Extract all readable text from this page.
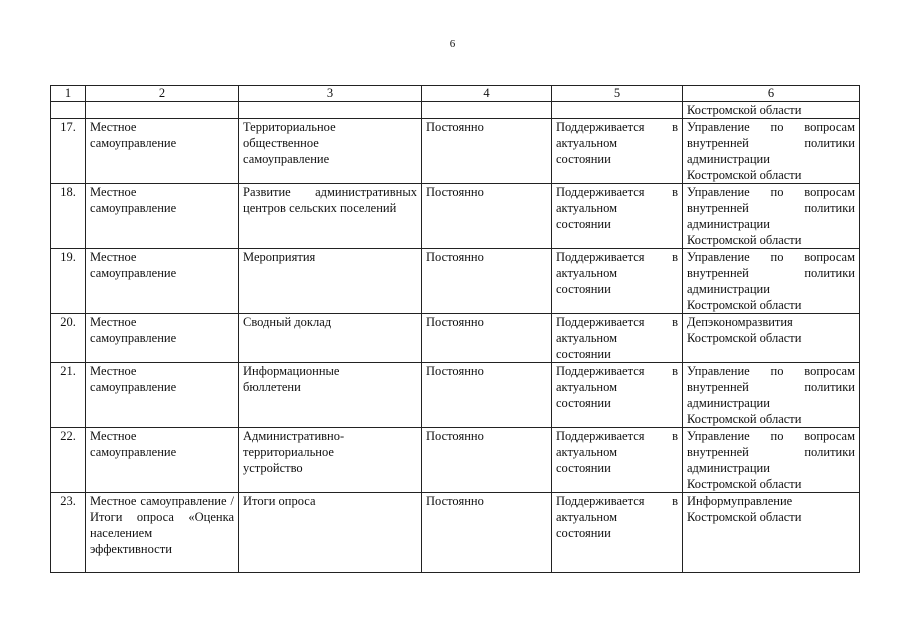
6
1	2	3	4	5	6

					Костромской области

17.	Местное
самоуправление	Территориальное
общественное
самоуправление	Постоянно	Поддерживается в актуальном
состоянии	Управление по вопросам внутренней политики администрации
Костромской области

18.	Местное
самоуправление	Развитие административных центров сельских поселений	Постоянно	Поддерживается в актуальном
состоянии	Управление по вопросам внутренней политики администрации
Костромской области

19.	Местное
самоуправление	Мероприятия	Постоянно	Поддерживается в актуальном
состоянии	Управление по вопросам внутренней политики администрации
Костромской области

20.	Местное
самоуправление	Сводный доклад	Постоянно	Поддерживается в актуальном
состоянии	Депэкономразвития
Костромской области

21.	Местное
самоуправление	Информационные
бюллетени	Постоянно	Поддерживается в актуальном
состоянии	Управление по вопросам внутренней политики администрации
Костромской области

22.	Местное
самоуправление	Административно-
территориальное
устройство	Постоянно	Поддерживается в актуальном
состоянии	Управление по вопросам внутренней политики администрации
Костромской области

23.	Местное самоуправление / Итоги опроса «Оценка населением
эффективности	Итоги опроса	Постоянно	Поддерживается в актуальном
состоянии	Информуправление
Костромской области
